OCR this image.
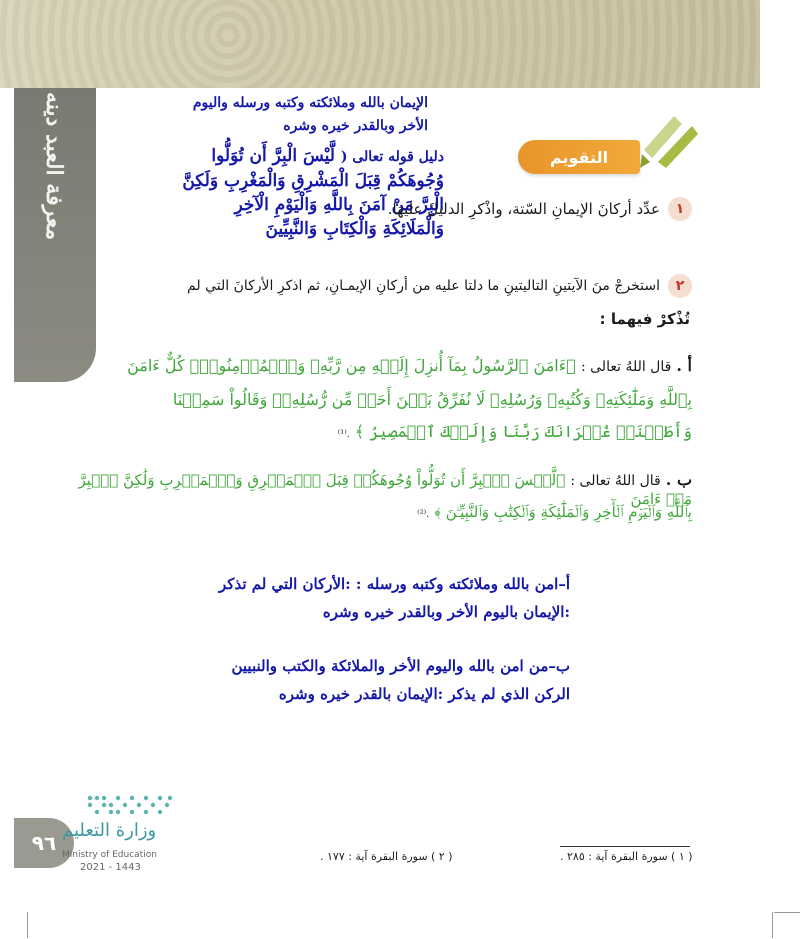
معرفة العبد دينه	الإيمان بالله وملائكته وكتبه ورسله واليوم
الأخر وبالقدر خيره وشره
دليل قوله تعالى ( لَّيْسَ الْبِرَّ أَن تُوَلُّوا
وُجُوهَكُمْ قِبَلَ الْمَشْرِقِ وَالْمَغْرِبِ وَلَكِنَّ
الْبِرَّ مَنْ آمَنَ بِاللَّهِ وَالْيَوْمِ الْآخِرِ
وَالْمَلَائِكَةِ وَالْكِتَابِ وَالنَّبِيِّينَ
التقويم
١
عدِّد أركانَ الإيمانِ السّتة، واذْكرِ الدليلَ عليهَا.
٢
استخرجْ منَ الآيتينِ التاليتينِ ما دلتا عليه من أركانِ الإيمـانِ، ثم اذكرِ الأركانَ التي لم
تُذْكرْ فيهما :
أ . قال اللهُ تعالى : ﴿ءَامَنَ ٱلرَّسُولُ بِمَآ أُنزِلَ إِلَيۡهِ مِن رَّبِّهِۦ وَٱلۡمُؤۡمِنُونَۚ كُلٌّ ءَامَنَ
بِٱللَّهِ وَمَلَٰٓئِكَتِهِۦ وَكُتُبِهِۦ وَرُسُلِهِۦ لَا نُفَرِّقُ بَيۡنَ أَحَدٖ مِّن رُّسُلِهِۦۚ وَقَالُواْ سَمِعۡنَا
وَأَطَعۡنَاۖ غُفۡرَانَكَ رَبَّنَا وَإِلَيۡكَ ٱلۡمَصِيرُ ﴾ .⁽¹⁾
ب . قال اللهُ تعالى : ﴿لَّيۡسَ ٱلۡبِرَّ أَن تُوَلُّواْ وُجُوهَكُمۡ قِبَلَ ٱلۡمَشۡرِقِ وَٱلۡمَغۡرِبِ وَلَٰكِنَّ ٱلۡبِرَّ مَنۡ ءَامَنَ
بِٱللَّهِ وَٱلۡيَوۡمِ ٱلۡأٓخِرِ وَٱلۡمَلَٰٓئِكَةِ وَٱلۡكِتَٰبِ وَٱلنَّبِيِّـۧنَ ﴾ .⁽²⁾
أ–امن بالله وملائكته وكتبه ورسله : :الأركان التي لم تذكر
:الإيمان باليوم الأخر وبالقدر خيره وشره
ب–من امن بالله واليوم الأخر والملائكة والكتب والنبيين
الركن الذي لم يذكر :الإيمان بالقدر خيره وشره
( ١ ) سورة البقرة آية : ٢٨٥ .
( ٢ ) سورة البقرة آية : ١٧٧ .
٩٦
وزارة التعليم
Ministry of Education
2021 - 1443
